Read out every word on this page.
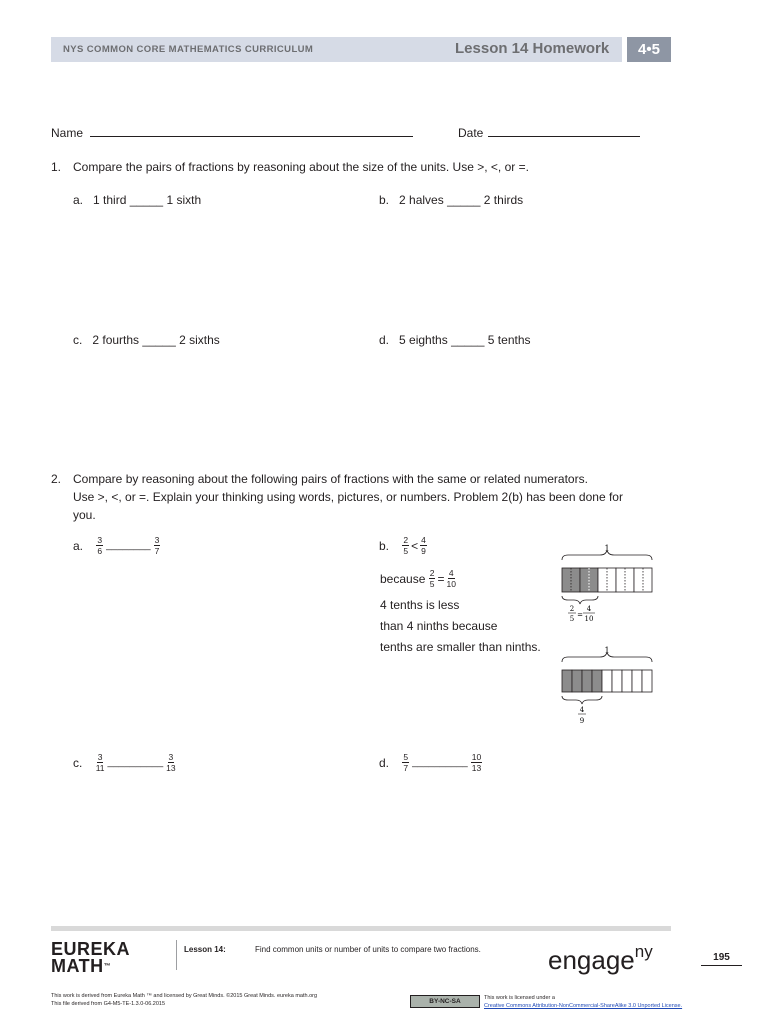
NYS COMMON CORE MATHEMATICS CURRICULUM	Lesson 14 Homework	4•5
Name	Date
1. Compare the pairs of fractions by reasoning about the size of the units. Use >, <, or =.
a. 1 third _____ 1 sixth	b. 2 halves _____ 2 thirds
c. 2 fourths _____ 2 sixths	d. 5 eighths _____ 5 tenths
2. Compare by reasoning about the following pairs of fractions with the same or related numerators.
Use >, <, or =. Explain your thinking using words, pictures, or numbers. Problem 2(b) has been done for
you.
a.
$\frac{3}{6}$ ________ $\frac{3}{7}$	b.
$\frac{2}{5} < \frac{4}{9}$
because
$\frac{2}{5} = \frac{4}{10}$
4 tenths is less
than 4 ninths because
tenths are smaller than ninths.
1
2
5 =
4
10
1
4
9
c.
$\frac{3}{11}$ __________ $\frac{3}{13}$	d.
$\frac{5}{7}$ __________ $\frac{10}{13}$
EUREKA
MATH™
Lesson 14:	Find common units or number of units to compare two fractions.	engage$^{ny}$	195
This work is derived from Eureka Math ™ and licensed by Great Minds. ©2015 Great Minds. eureka math.org
This file derived from G4-M5-TE-1.3.0-06.2015	BY-NC-SA	This work is licensed under a
Creative Commons Attribution-NonCommercial-ShareAlike 3.0 Unported License.
